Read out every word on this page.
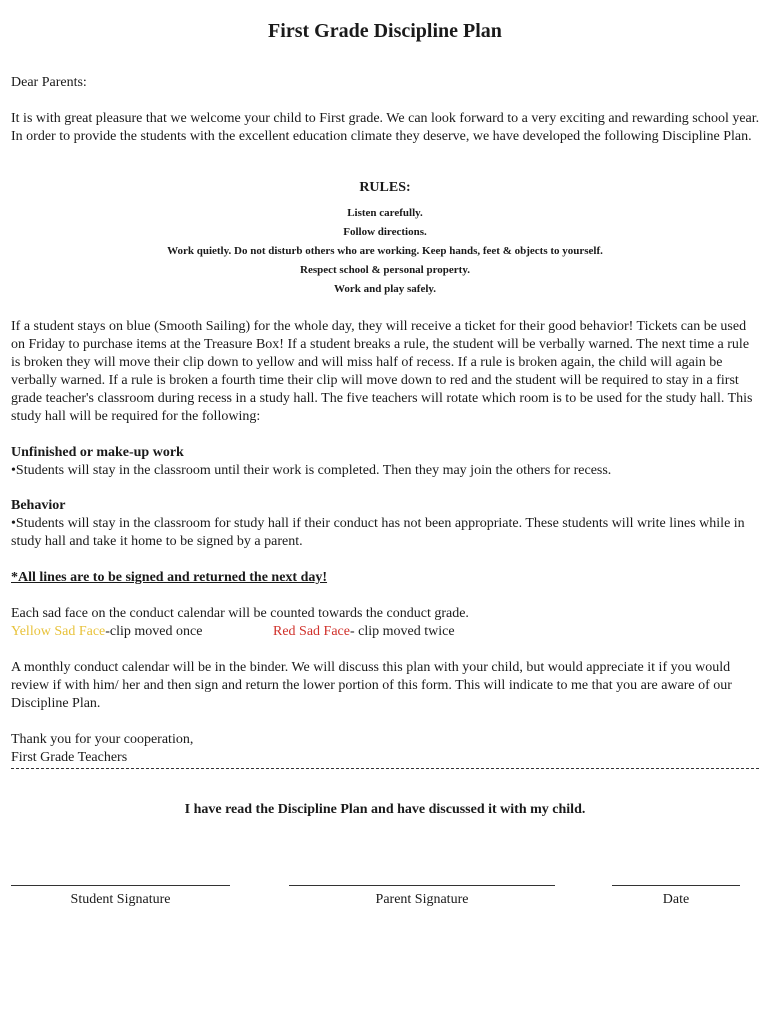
First Grade Discipline Plan
Dear Parents:
It is with great pleasure that we welcome your child to First grade. We can look forward to a very exciting and rewarding school year. In order to provide the students with the excellent education climate they deserve, we have developed the following Discipline Plan.
RULES:
Listen carefully.
Follow directions.
Work quietly. Do not disturb others who are working. Keep hands, feet & objects to yourself.
Respect school & personal property.
Work and play safely.
If a student stays on blue (Smooth Sailing) for the whole day, they will receive a ticket for their good behavior! Tickets can be used on Friday to purchase items at the Treasure Box! If a student breaks a rule, the student will be verbally warned. The next time a rule is broken they will move their clip down to yellow and will miss half of recess. If a rule is broken again, the child will again be verbally warned. If a rule is broken a fourth time their clip will move down to red and the student will be required to stay in a first grade teacher's classroom during recess in a study hall. The five teachers will rotate which room is to be used for the study hall. This study hall will be required for the following:
Unfinished or make-up work
•Students will stay in the classroom until their work is completed. Then they may join the others for recess.
Behavior
•Students will stay in the classroom for study hall if their conduct has not been appropriate. These students will write lines while in study hall and take it home to be signed by a parent.
*All lines are to be signed and returned the next day!
Each sad face on the conduct calendar will be counted towards the conduct grade.
Yellow Sad Face-clip moved once	Red Sad Face- clip moved twice
A monthly conduct calendar will be in the binder. We will discuss this plan with your child, but would appreciate it if you would review if with him/ her and then sign and return the lower portion of this form. This will indicate to me that you are aware of our Discipline Plan.
Thank you for your cooperation,
First Grade Teachers
I have read the Discipline Plan and have discussed it with my child.
Student Signature	Parent Signature	Date
